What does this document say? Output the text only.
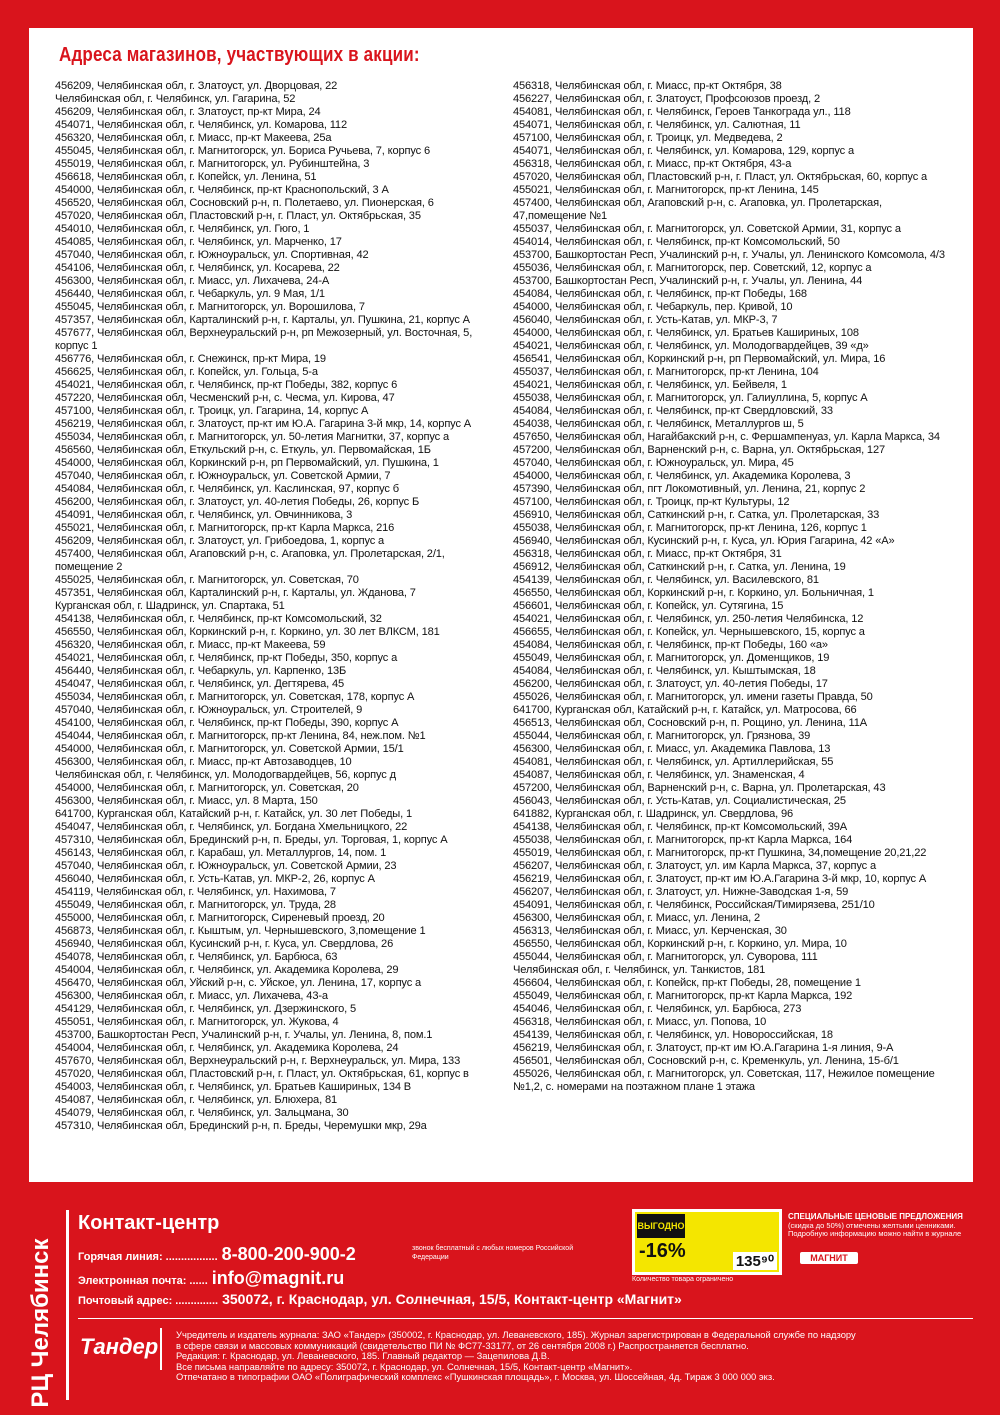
Адреса магазинов, участвующих в акции:
456209, Челябинская обл, г. Златоуст, ул. Дворцовая, 22
Челябинская обл, г. Челябинск, ул. Гагарина, 52
456209, Челябинская обл, г. Златоуст, пр-кт Мира, 24
454071, Челябинская обл, г. Челябинск, ул. Комарова, 112
456320, Челябинская обл, г. Миасс, пр-кт Макеева, 25а
455045, Челябинская обл, г. Магнитогорск, ул. Бориса Ручьева, 7, корпус 6
455019, Челябинская обл, г. Магнитогорск, ул. Рубинштейна, 3
456618, Челябинская обл, г. Копейск, ул. Ленина, 51
454000, Челябинская обл, г. Челябинск, пр-кт Краснопольский, 3 А
456520, Челябинская обл, Сосновский р-н, п. Полетаево, ул. Пионерская, 6
457020, Челябинская обл, Пластовский р-н, г. Пласт, ул. Октябрьская, 35
454010, Челябинская обл, г. Челябинск, ул. Гюго, 1
454085, Челябинская обл, г. Челябинск, ул. Марченко, 17
457040, Челябинская обл, г. Южноуральск, ул. Спортивная, 42
454106, Челябинская обл, г. Челябинск, ул. Косарева, 22
456300, Челябинская обл, г. Миасс, ул. Лихачева, 24-А
456440, Челябинская обл, г. Чебаркуль, ул. 9 Мая, 1/1
455045, Челябинская обл, г. Магнитогорск, ул. Ворошилова, 7
457357, Челябинская обл, Карталинский р-н, г. Карталы, ул. Пушкина, 21, корпус А
457677, Челябинская обл, Верхнеуральский р-н, рп Межозерный, ул. Восточная, 5, корпус 1
456776, Челябинская обл, г. Снежинск, пр-кт Мира, 19
456625, Челябинская обл, г. Копейск, ул. Гольца, 5-а
454021, Челябинская обл, г. Челябинск, пр-кт Победы, 382, корпус 6
457220, Челябинская обл, Чесменский р-н, с. Чесма, ул. Кирова, 47
457100, Челябинская обл, г. Троицк, ул. Гагарина, 14, корпус А
456219, Челябинская обл, г. Златоуст, пр-кт им Ю.А. Гагарина 3-й мкр, 14, корпус А
455034, Челябинская обл, г. Магнитогорск, ул. 50-летия Магнитки, 37, корпус а
456560, Челябинская обл, Еткульский р-н, с. Еткуль, ул. Первомайская, 1Б
454000, Челябинская обл, Коркинский р-н, рп Первомайский, ул. Пушкина, 1
457040, Челябинская обл, г. Южноуральск, ул. Советской Армии, 7
454084, Челябинская обл, г. Челябинск, ул. Каслинская, 97, корпус б
456200, Челябинская обл, г. Златоуст, ул. 40-летия Победы, 26, корпус Б
454091, Челябинская обл, г. Челябинск, ул. Овчинникова, 3
455021, Челябинская обл, г. Магнитогорск, пр-кт Карла Маркса, 216
456209, Челябинская обл, г. Златоуст, ул. Грибоедова, 1, корпус а
457400, Челябинская обл, Агаповский р-н, с. Агаповка, ул. Пролетарская, 2/1, помещение 2
455025, Челябинская обл, г. Магнитогорск, ул. Советская, 70
457351, Челябинская обл, Карталинский р-н, г. Карталы, ул. Жданова, 7
Курганская обл, г. Шадринск, ул. Спартака, 51
454138, Челябинская обл, г. Челябинск, пр-кт Комсомольский, 32
456550, Челябинская обл, Коркинский р-н, г. Коркино, ул. 30 лет ВЛКСМ, 181
456320, Челябинская обл, г. Миасс, пр-кт Макеева, 59
454021, Челябинская обл, г. Челябинск, пр-кт Победы, 350, корпус а
456440, Челябинская обл, г. Чебаркуль, ул. Карпенко, 13Б
454047, Челябинская обл, г. Челябинск, ул. Дегтярева, 45
455034, Челябинская обл, г. Магнитогорск, ул. Советская, 178, корпус А
457040, Челябинская обл, г. Южноуральск, ул. Строителей, 9
454100, Челябинская обл, г. Челябинск, пр-кт Победы, 390, корпус А
454044, Челябинская обл, г. Магнитогорск, пр-кт Ленина, 84, неж.пом. №1
454000, Челябинская обл, г. Магнитогорск, ул. Советской Армии, 15/1
456300, Челябинская обл, г. Миасс, пр-кт Автозаводцев, 10
Челябинская обл, г. Челябинск, ул. Молодогвардейцев, 56, корпус д
454000, Челябинская обл, г. Магнитогорск, ул. Советская, 20
456300, Челябинская обл, г. Миасс, ул. 8 Марта, 150
641700, Курганская обл, Катайский р-н, г. Катайск, ул. 30 лет Победы, 1
454047, Челябинская обл, г. Челябинск, ул. Богдана Хмельницкого, 22
457310, Челябинская обл, Брединский р-н, п. Бреды, ул. Торговая, 1, корпус А
456143, Челябинская обл, г. Карабаш, ул. Металлургов, 14, пом. 1
457040, Челябинская обл, г. Южноуральск, ул. Советской Армии, 23
456040, Челябинская обл, г. Усть-Катав, ул. МКР-2, 26, корпус А
454119, Челябинская обл, г. Челябинск, ул. Нахимова, 7
455049, Челябинская обл, г. Магнитогорск, ул. Труда, 28
455000, Челябинская обл, г. Магнитогорск, Сиреневый проезд, 20
456873, Челябинская обл, г. Кыштым, ул. Чернышевского, 3,помещение 1
456940, Челябинская обл, Кусинский р-н, г. Куса, ул. Свердлова, 26
454078, Челябинская обл, г. Челябинск, ул. Барбюса, 63
454004, Челябинская обл, г. Челябинск, ул. Академика Королева, 29
456470, Челябинская обл, Уйский р-н, с. Уйское, ул. Ленина, 17, корпус а
456300, Челябинская обл, г. Миасс, ул. Лихачева, 43-а
454129, Челябинская обл, г. Челябинск, ул. Дзержинского, 5
455051, Челябинская обл, г. Магнитогорск, ул. Жукова, 4
453700, Башкортостан Респ, Учалинский р-н, г. Учалы, ул. Ленина, 8, пом.1
454004, Челябинская обл, г. Челябинск, ул. Академика Королева, 24
457670, Челябинская обл, Верхнеуральский р-н, г. Верхнеуральск, ул. Мира, 133
457020, Челябинская обл, Пластовский р-н, г. Пласт, ул. Октябрьская, 61, корпус в
454003, Челябинская обл, г. Челябинск, ул. Братьев Кашириных, 134 В
454087, Челябинская обл, г. Челябинск, ул. Блюхера, 81
454079, Челябинская обл, г. Челябинск, ул. Зальцмана, 30
457310, Челябинская обл, Брединский р-н, п. Бреды, Черемушки мкр, 29а
456318, Челябинская обл, г. Миасс, пр-кт Октября, 38
456227, Челябинская обл, г. Златоуст, Профсоюзов проезд, 2
454081, Челябинская обл, г. Челябинск, Героев Танкограда ул., 118
454071, Челябинская обл, г. Челябинск, ул. Салютная, 11
457100, Челябинская обл, г. Троицк, ул. Медведева, 2
454071, Челябинская обл, г. Челябинск, ул. Комарова, 129, корпус а
456318, Челябинская обл, г. Миасс, пр-кт Октября, 43-а
457020, Челябинская обл, Пластовский р-н, г. Пласт, ул. Октябрьская, 60, корпус а
455021, Челябинская обл, г. Магнитогорск, пр-кт Ленина, 145
457400, Челябинская обл, Агаповский р-н, с. Агаповка, ул. Пролетарская, 47,помещение №1
455037, Челябинская обл, г. Магнитогорск, ул. Советской Армии, 31, корпус а
454014, Челябинская обл, г. Челябинск, пр-кт Комсомольский, 50
453700, Башкортостан Респ, Учалинский р-н, г. Учалы, ул. Ленинского Комсомола, 4/3
455036, Челябинская обл, г. Магнитогорск, пер. Советский, 12, корпус а
453700, Башкортостан Респ, Учалинский р-н, г. Учалы, ул. Ленина, 44
454084, Челябинская обл, г. Челябинск, пр-кт Победы, 168
454000, Челябинская обл, г. Чебаркуль, пер. Кривой, 10
456040, Челябинская обл, г. Усть-Катав, ул. МКР-3, 7
454000, Челябинская обл, г. Челябинск, ул. Братьев Кашириных, 108
454021, Челябинская обл, г. Челябинск, ул. Молодогвардейцев, 39 «д»
456541, Челябинская обл, Коркинский р-н, рп Первомайский, ул. Мира, 16
455037, Челябинская обл, г. Магнитогорск, пр-кт Ленина, 104
454021, Челябинская обл, г. Челябинск, ул. Бейвеля, 1
455038, Челябинская обл, г. Магнитогорск, ул. Галиуллина, 5, корпус А
454084, Челябинская обл, г. Челябинск, пр-кт Свердловский, 33
454038, Челябинская обл, г. Челябинск, Металлургов ш, 5
457650, Челябинская обл, Нагайбакский р-н, с. Фершампенуаз, ул. Карла Маркса, 34
457200, Челябинская обл, Варненский р-н, с. Варна, ул. Октябрьская, 127
457040, Челябинская обл, г. Южноуральск, ул. Мира, 45
454000, Челябинская обл, г. Челябинск, ул. Академика Королева, 3
457390, Челябинская обл, пгт Локомотивный, ул. Ленина, 21, корпус 2
457100, Челябинская обл, г. Троицк, пр-кт Культуры, 12
456910, Челябинская обл, Саткинский р-н, г. Сатка, ул. Пролетарская, 33
455038, Челябинская обл, г. Магнитогорск, пр-кт Ленина, 126, корпус 1
456940, Челябинская обл, Кусинский р-н, г. Куса, ул. Юрия Гагарина, 42 «А»
456318, Челябинская обл, г. Миасс, пр-кт Октября, 31
456912, Челябинская обл, Саткинский р-н, г. Сатка, ул. Ленина, 19
454139, Челябинская обл, г. Челябинск, ул. Василевского, 81
456550, Челябинская обл, Коркинский р-н, г. Коркино, ул. Больничная, 1
456601, Челябинская обл, г. Копейск, ул. Сутягина, 15
454021, Челябинская обл, г. Челябинск, ул. 250-летия Челябинска, 12
456655, Челябинская обл, г. Копейск, ул. Чернышевского, 15, корпус а
454084, Челябинская обл, г. Челябинск, пр-кт Победы, 160 «а»
455049, Челябинская обл, г. Магнитогорск, ул. Доменщиков, 19
454084, Челябинская обл, г. Челябинск, ул. Кыштымская, 18
456200, Челябинская обл, г. Златоуст, ул. 40-летия Победы, 17
455026, Челябинская обл, г. Магнитогорск, ул. имени газеты Правда, 50
641700, Курганская обл, Катайский р-н, г. Катайск, ул. Матросова, 66
456513, Челябинская обл, Сосновский р-н, п. Рощино, ул. Ленина, 11А
455044, Челябинская обл, г. Магнитогорск, ул. Грязнова, 39
456300, Челябинская обл, г. Миасс, ул. Академика Павлова, 13
454081, Челябинская обл, г. Челябинск, ул. Артиллерийская, 55
454087, Челябинская обл, г. Челябинск, ул. Знаменская, 4
457200, Челябинская обл, Варненский р-н, с. Варна, ул. Пролетарская, 43
456043, Челябинская обл, г. Усть-Катав, ул. Социалистическая, 25
641882, Курганская обл, г. Шадринск, ул. Свердлова, 96
454138, Челябинская обл, г. Челябинск, пр-кт Комсомольский, 39А
455038, Челябинская обл, г. Магнитогорск, пр-кт Карла Маркса, 164
455019, Челябинская обл, г. Магнитогорск, пр-кт Пушкина, 34,помещение 20,21,22
456207, Челябинская обл, г. Златоуст, ул. им Карла Маркса, 37, корпус а
456219, Челябинская обл, г. Златоуст, пр-кт им Ю.А.Гагарина 3-й мкр, 10, корпус А
456207, Челябинская обл, г. Златоуст, ул. Нижне-Заводская 1-я, 59
454091, Челябинская обл, г. Челябинск, Российская/Тимирязева, 251/10
456300, Челябинская обл, г. Миасс, ул. Ленина, 2
456313, Челябинская обл, г. Миасс, ул. Керченская, 30
456550, Челябинская обл, Коркинский р-н, г. Коркино, ул. Мира, 10
455044, Челябинская обл, г. Магнитогорск, ул. Суворова, 111
Челябинская обл, г. Челябинск, ул. Танкистов, 181
456604, Челябинская обл, г. Копейск, пр-кт Победы, 28, помещение 1
455049, Челябинская обл, г. Магнитогорск, пр-кт Карла Маркса, 192
454046, Челябинская обл, г. Челябинск, ул. Барбюса, 273
456318, Челябинская обл, г. Миасс, ул. Попова, 10
454139, Челябинская обл, г. Челябинск, ул. Новороссийская, 18
456219, Челябинская обл, г. Златоуст, пр-кт им Ю.А.Гагарина 1-я линия, 9-А
456501, Челябинская обл, Сосновский р-н, с. Кременкуль, ул. Ленина, 15-б/1
455026, Челябинская обл, г. Магнитогорск, ул. Советская, 117, Нежилое помещение №1,2, с. номерами на поэтажном плане 1 этажа
РЦ Челябинск
Контакт-центр
Горячая линия: ................. 8-800-200-900-2	звонок бесплатный с любых номеров Российской Федерации
Электронная почта: ...... info@magnit.ru
Почтовый адрес: .............. 350072, г. Краснодар, ул. Солнечная, 15/5, Контакт-центр «Магнит»
ВЫГОДНО
-16%	135⁹⁰
Количество товара ограничено
СПЕЦИАЛЬНЫЕ ЦЕНОВЫЕ ПРЕДЛОЖЕНИЯ
(скидка до 50%) отмечены желтыми ценниками. Подробную информацию можно найти в журнале
МАГНИТ
Тандер Учредитель и издатель журнала: ЗАО «Тандер» (350002, г. Краснодар, ул. Леваневского, 185). Журнал зарегистрирован в Федеральной службе по надзору
в сфере связи и массовых коммуникаций (свидетельство ПИ № ФС77-33177, от 26 сентября 2008 г.) Распространяется бесплатно.
Редакция: г. Краснодар, ул. Леваневского, 185. Главный редактор — Зацепилова Д.В.
Все письма направляйте по адресу: 350072, г. Краснодар, ул. Солнечная, 15/5, Контакт-центр «Магнит».
Отпечатано в типографии ОАО «Полиграфический комплекс «Пушкинская площадь», г. Москва, ул. Шосcейная, 4д. Тираж 3 000 000 экз.
